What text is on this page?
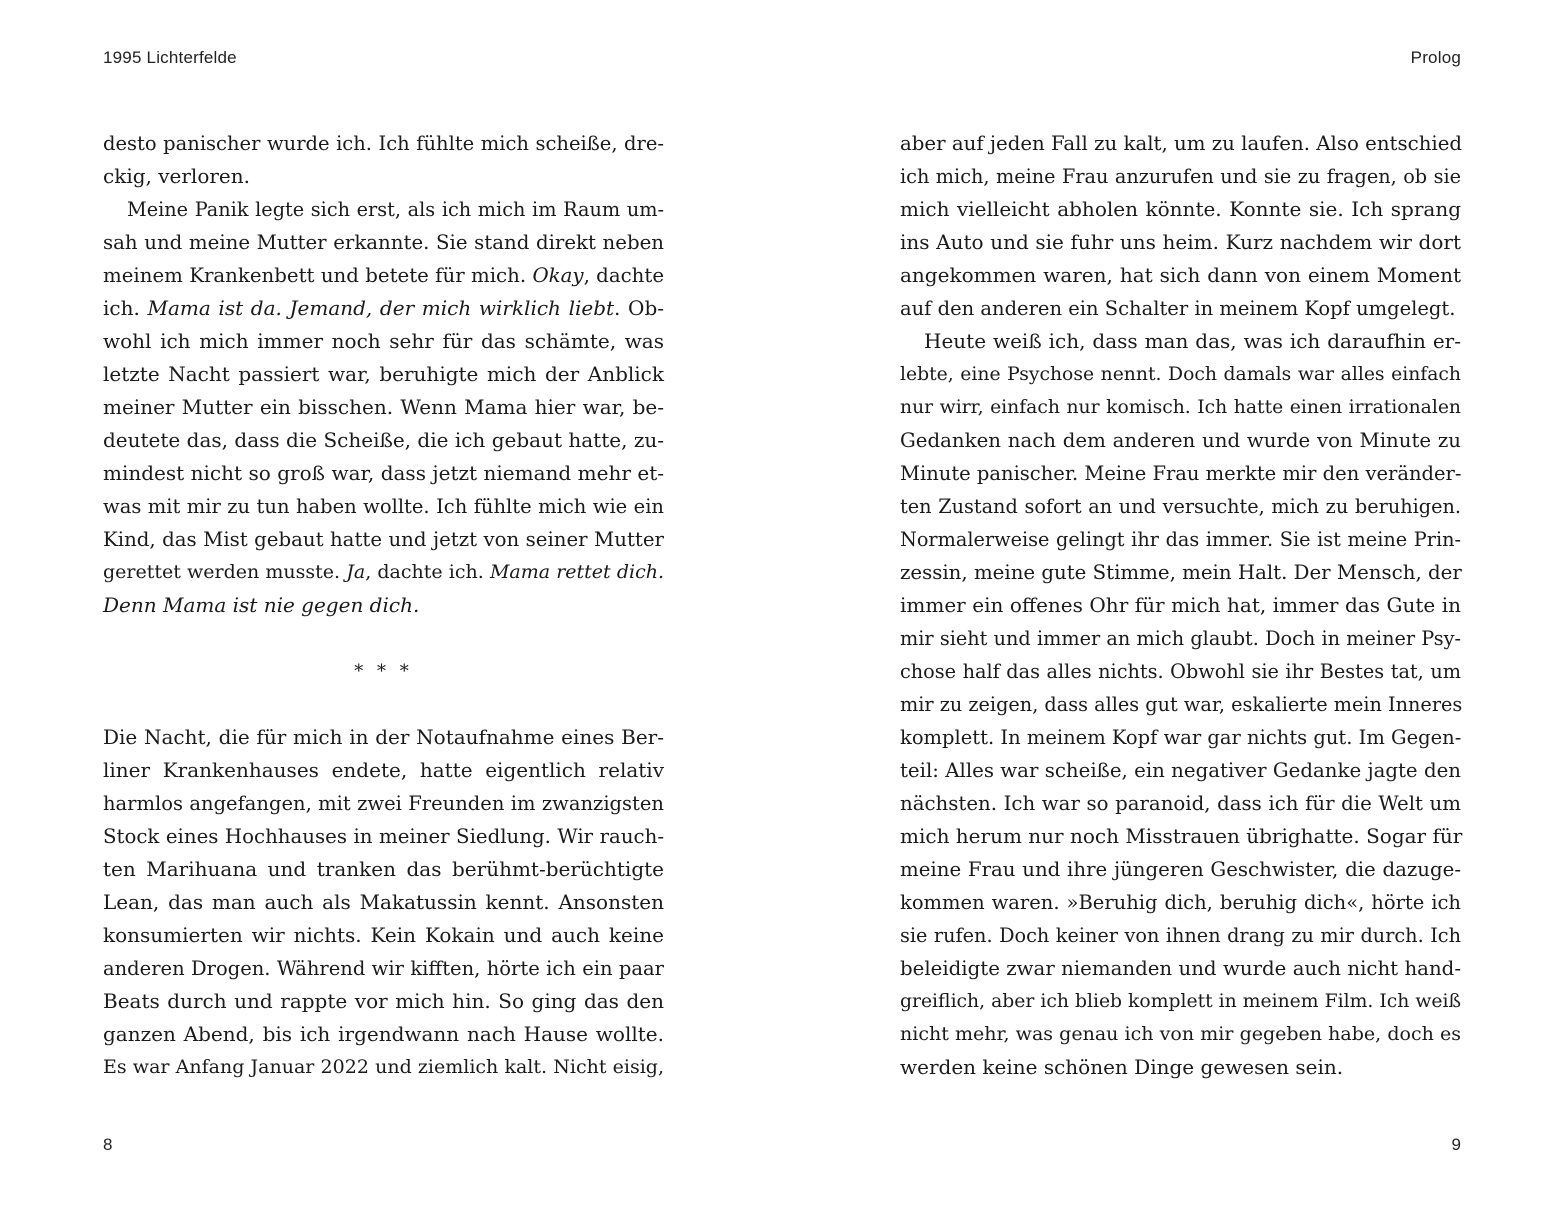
1995 Lichterfelde	Prolog
desto panischer wurde ich. Ich fühlte mich scheiße, dre-
ckig, verloren.
Meine Panik legte sich erst, als ich mich im Raum um-
sah und meine Mutter erkannte. Sie stand direkt neben
meinem Krankenbett und betete für mich. Okay, dachte
ich. Mama ist da. Jemand, der mich wirklich liebt. Ob-
wohl ich mich immer noch sehr für das schämte, was
letzte Nacht passiert war, beruhigte mich der Anblick
meiner Mutter ein bisschen. Wenn Mama hier war, be-
deutete das, dass die Scheiße, die ich gebaut hatte, zu-
mindest nicht so groß war, dass jetzt niemand mehr et-
was mit mir zu tun haben wollte. Ich fühlte mich wie ein
Kind, das Mist gebaut hatte und jetzt von seiner Mutter
gerettet werden musste. Ja, dachte ich. Mama rettet dich.
Denn Mama ist nie gegen dich.
* * *
Die Nacht, die für mich in der Notaufnahme eines Ber-
liner Krankenhauses endete, hatte eigentlich relativ
harmlos angefangen, mit zwei Freunden im zwanzigsten
Stock eines Hochhauses in meiner Siedlung. Wir rauch-
ten Marihuana und tranken das berühmt-berüchtigte
Lean, das man auch als Makatussin kennt. Ansonsten
konsumierten wir nichts. Kein Kokain und auch keine
anderen Drogen. Während wir kifften, hörte ich ein paar
Beats durch und rappte vor mich hin. So ging das den
ganzen Abend, bis ich irgendwann nach Hause wollte.
Es war Anfang Januar 2022 und ziemlich kalt. Nicht eisig,
aber auf jeden Fall zu kalt, um zu laufen. Also entschied
ich mich, meine Frau anzurufen und sie zu fragen, ob sie
mich vielleicht abholen könnte. Konnte sie. Ich sprang
ins Auto und sie fuhr uns heim. Kurz nachdem wir dort
angekommen waren, hat sich dann von einem Moment
auf den anderen ein Schalter in meinem Kopf umgelegt.
Heute weiß ich, dass man das, was ich daraufhin er-
lebte, eine Psychose nennt. Doch damals war alles einfach
nur wirr, einfach nur komisch. Ich hatte einen irrationalen
Gedanken nach dem anderen und wurde von Minute zu
Minute panischer. Meine Frau merkte mir den veränder-
ten Zustand sofort an und versuchte, mich zu beruhigen.
Normalerweise gelingt ihr das immer. Sie ist meine Prin-
zessin, meine gute Stimme, mein Halt. Der Mensch, der
immer ein offenes Ohr für mich hat, immer das Gute in
mir sieht und immer an mich glaubt. Doch in meiner Psy-
chose half das alles nichts. Obwohl sie ihr Bestes tat, um
mir zu zeigen, dass alles gut war, eskalierte mein Inneres
komplett. In meinem Kopf war gar nichts gut. Im Gegen-
teil: Alles war scheiße, ein negativer Gedanke jagte den
nächsten. Ich war so paranoid, dass ich für die Welt um
mich herum nur noch Misstrauen übrighatte. Sogar für
meine Frau und ihre jüngeren Geschwister, die dazuge-
kommen waren. »Beruhig dich, beruhig dich«, hörte ich
sie rufen. Doch keiner von ihnen drang zu mir durch. Ich
beleidigte zwar niemanden und wurde auch nicht hand-
greiflich, aber ich blieb komplett in meinem Film. Ich weiß
nicht mehr, was genau ich von mir gegeben habe, doch es
werden keine schönen Dinge gewesen sein.
8	9
